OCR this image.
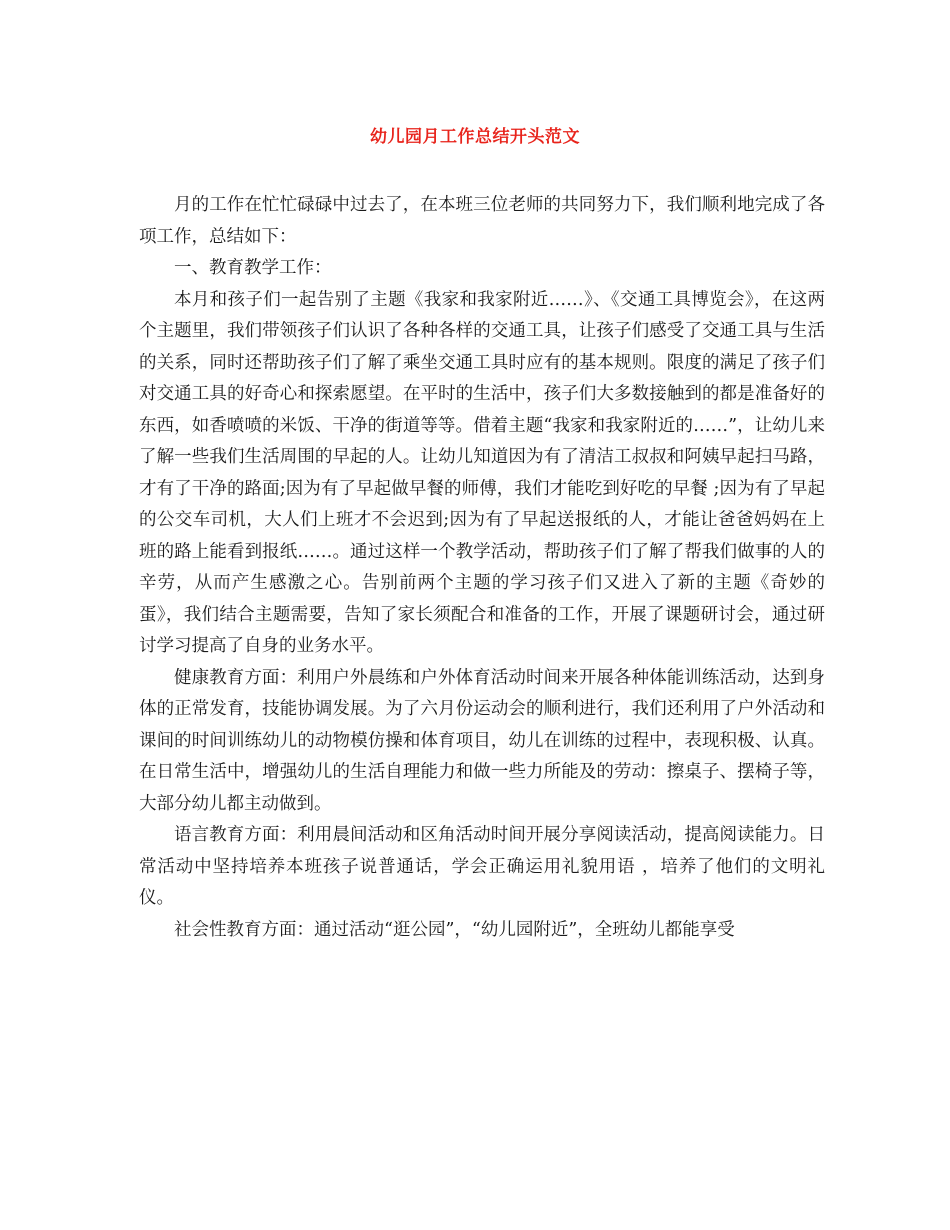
幼儿园月工作总结开头范文

月的工作在忙忙碌碌中过去了，在本班三位老师的共同努力下，我们顺利地完成了各项工作，总结如下：

一、教育教学工作：

本月和孩子们一起告别了主题《我家和我家附近……》、《交通工具博览会》，在这两个主题里，我们带领孩子们认识了各种各样的交通工具，让孩子们感受了交通工具与生活的关系，同时还帮助孩子们了解了乘坐交通工具时应有的基本规则。限度的满足了孩子们对交通工具的好奇心和探索愿望。在平时的生活中，孩子们大多数接触到的都是准备好的东西，如香喷喷的米饭、干净的街道等等。借着主题“我家和我家附近的……”，让幼儿来了解一些我们生活周围的早起的人。让幼儿知道因为有了清洁工叔叔和阿姨早起扫马路，才有了干净的路面;因为有了早起做早餐的师傅，我们才能吃到好吃的早餐 ;因为有了早起的公交车司机，大人们上班才不会迟到;因为有了早起送报纸的人，才能让爸爸妈妈在上班的路上能看到报纸……。通过这样一个教学活动，帮助孩子们了解了帮我们做事的人的辛劳，从而产生感激之心。告别前两个主题的学习孩子们又进入了新的主题《奇妙的蛋》，我们结合主题需要，告知了家长须配合和准备的工作，开展了课题研讨会，通过研讨学习提高了自身的业务水平。

健康教育方面：利用户外晨练和户外体育活动时间来开展各种体能训练活动，达到身体的正常发育，技能协调发展。为了六月份运动会的顺利进行，我们还利用了户外活动和课间的时间训练幼儿的动物模仿操和体育项目，幼儿在训练的过程中，表现积极、认真。在日常生活中，增强幼儿的生活自理能力和做一些力所能及的劳动：擦桌子、摆椅子等，大部分幼儿都主动做到。

语言教育方面：利用晨间活动和区角活动时间开展分享阅读活动，提高阅读能力。日常活动中坚持培养本班孩子说普通话，学会正确运用礼貌用语 ，培养了他们的文明礼仪。

社会性教育方面：通过活动“逛公园”，“幼儿园附近”，全班幼儿都能享受
